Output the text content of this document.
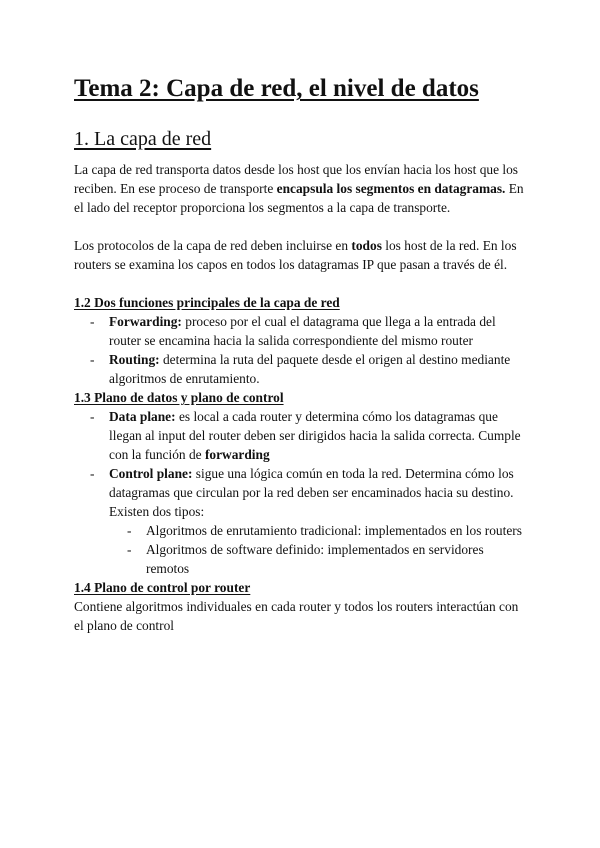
Tema 2: Capa de red, el nivel de datos
1. La capa de red

La capa de red transporta datos desde los host que los envían hacia los host que los reciben. En ese proceso de transporte encapsula los segmentos en datagramas. En el lado del receptor proporciona los segmentos a la capa de transporte.

Los protocolos de la capa de red deben incluirse en todos los host de la red. En los routers se examina los capos en todos los datagramas IP que pasan a través de él.

1.2 Dos funciones principales de la capa de red
- Forwarding: proceso por el cual el datagrama que llega a la entrada del router se encamina hacia la salida correspondiente del mismo router
- Routing: determina la ruta del paquete desde el origen al destino mediante algoritmos de enrutamiento.
1.3 Plano de datos y plano de control
- Data plane: es local a cada router y determina cómo los datagramas que llegan al input del router deben ser dirigidos hacia la salida correcta. Cumple con la función de forwarding
- Control plane: sigue una lógica común en toda la red. Determina cómo los datagramas que circulan por la red deben ser encaminados hacia su destino. Existen dos tipos:
- Algoritmos de enrutamiento tradicional: implementados en los routers
- Algoritmos de software definido: implementados en servidores remotos
1.4 Plano de control por router

Contiene algoritmos individuales en cada router y todos los routers interactúan con el plano de control
